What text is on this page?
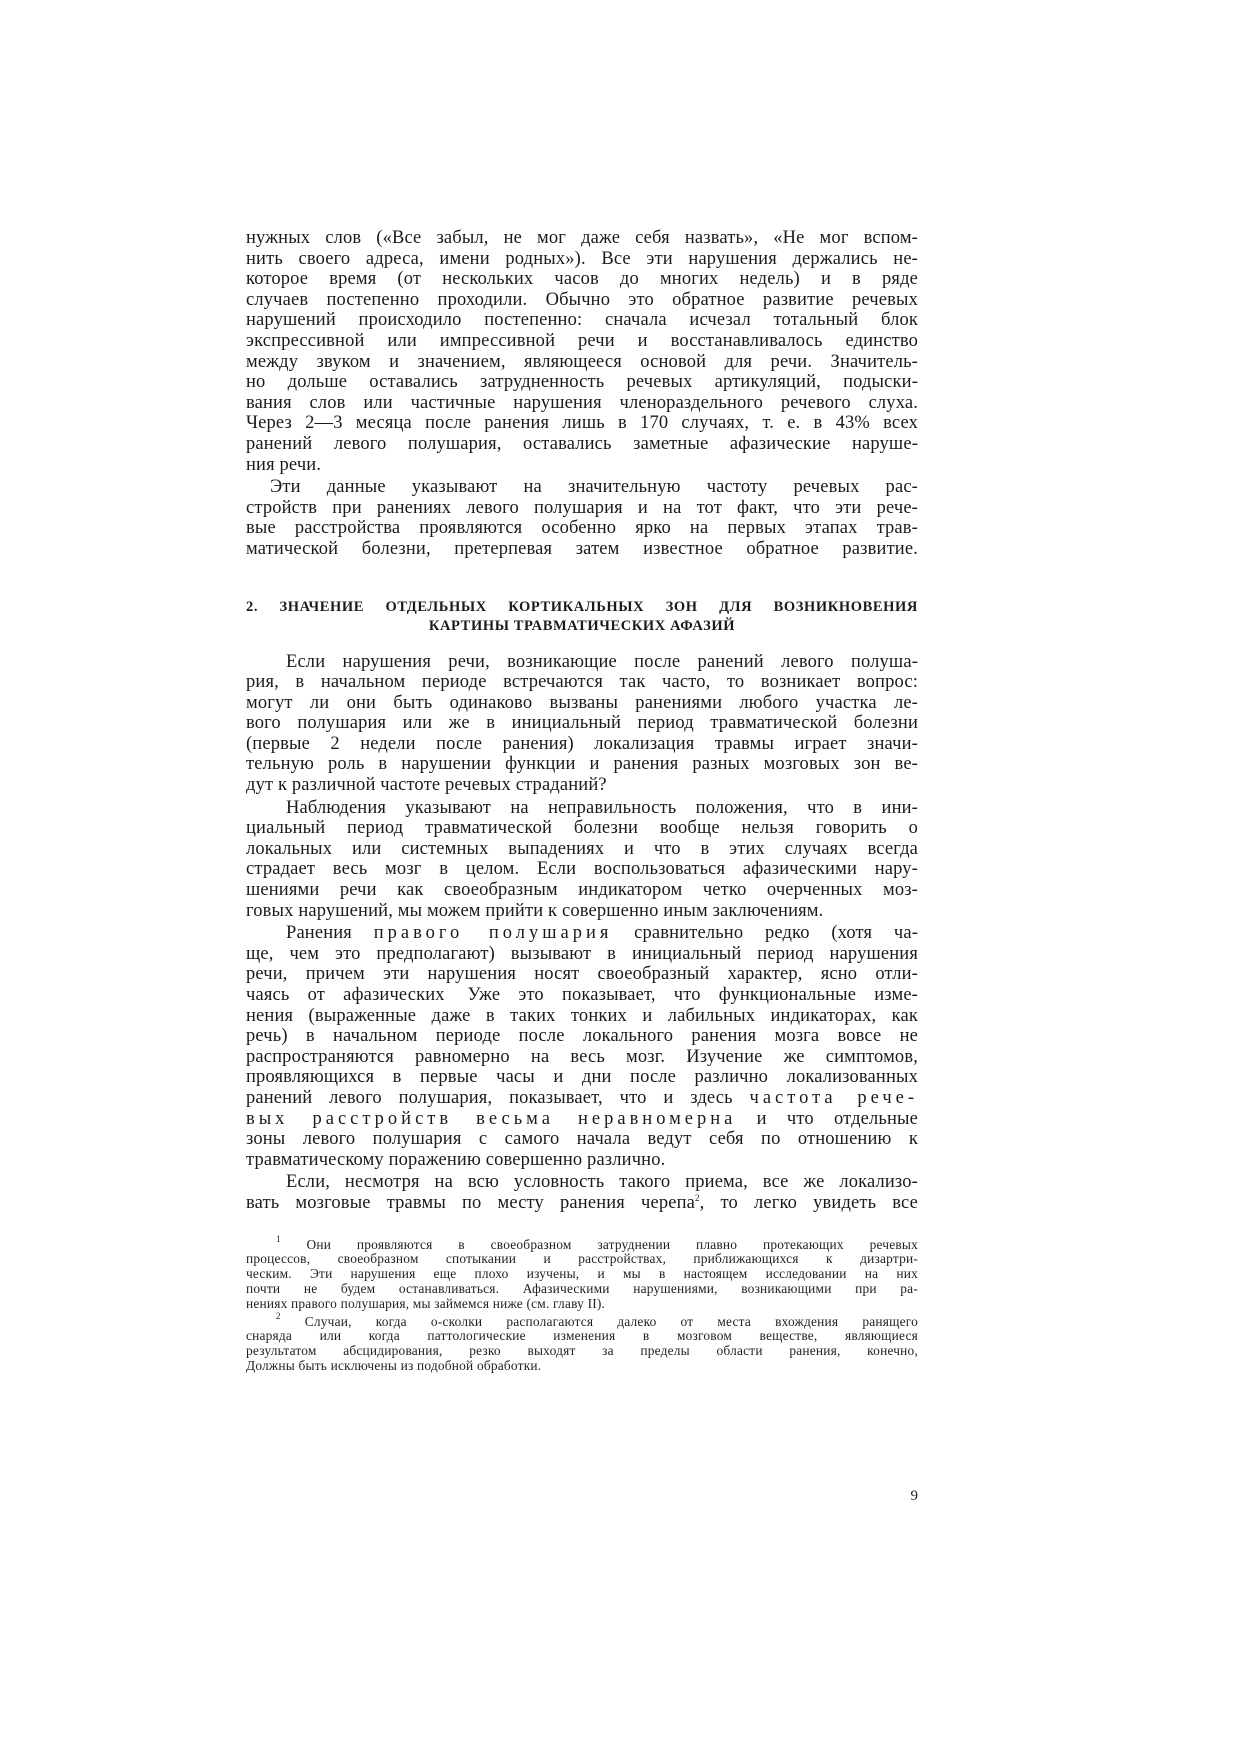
нужных слов («Все забыл, не мог даже себя назвать», «Не мог вспом-
нить своего адреса, имени родных»). Все эти нарушения держались не-
которое время (от нескольких часов до многих недель) и в ряде
случаев постепенно проходили. Обычно это обратное развитие речевых
нарушений происходило постепенно: сначала исчезал тотальный блок
экспрессивной или импрессивной речи и восстанавливалось единство
между звуком и значением, являющееся основой для речи. Значитель-
но дольше оставались затрудненность речевых артикуляций, подыски-
вания слов или частичные нарушения членораздельного речевого слуха.
Через 2—3 месяца после ранения лишь в 170 случаях, т. е. в 43% всех
ранений левого полушария, оставались заметные афазические наруше-
ния речи.
Эти данные указывают на значительную частоту речевых рас-
стройств при ранениях левого полушария и на тот факт, что эти рече-
вые расстройства проявляются особенно ярко на первых этапах трав-
матической болезни, претерпевая затем известное обратное развитие.
2. ЗНАЧЕНИЕ ОТДЕЛЬНЫХ КОРТИКАЛЬНЫХ ЗОН ДЛЯ ВОЗНИКНОВЕНИЯ
КАРТИНЫ ТРАВМАТИЧЕСКИХ АФАЗИЙ
Если нарушения речи, возникающие после ранений левого полуша-
рия, в начальном периоде встречаются так часто, то возникает вопрос:
могут ли они быть одинаково вызваны ранениями любого участка ле-
вого полушария или же в инициальный период травматической болезни
(первые 2 недели после ранения) локализация травмы играет значи-
тельную роль в нарушении функции и ранения разных мозговых зон ве-
дут к различной частоте речевых страданий?
Наблюдения указывают на неправильность положения, что в ини-
циальный период травматической болезни вообще нельзя говорить о
локальных или системных выпадениях и что в этих случаях всегда
страдает весь мозг в целом. Если воспользоваться афазическими нару-
шениями речи как своеобразным индикатором четко очерченных моз-
говых нарушений, мы можем прийти к совершенно иным заключениям.
Ранения правого полушария сравнительно редко (хотя ча-
ще, чем это предполагают) вызывают в инициальный период нарушения
речи, причем эти нарушения носят своеобразный характер, ясно отли-
чаясь от афазических$^1$ Уже это показывает, что функциональные изме-
нения (выраженные даже в таких тонких и лабильных индикаторах, как
речь) в начальном периоде после локального ранения мозга вовсе не
распространяются равномерно на весь мозг. Изучение же симптомов,
проявляющихся в первые часы и дни после различно локализованных
ранений левого полушария, показывает, что и здесь частота рече-
вых расстройств весьма неравномерна и что отдельные
зоны левого полушария с самого начала ведут себя по отношению к
травматическому поражению совершенно различно.
Если, несмотря на всю условность такого приема, все же локализо-
вать мозговые травмы по месту ранения черепа$^2$, то легко увидеть все
$^1$ Они проявляются в своеобразном затруднении плавно протекающих речевых
процессов, своеобразном спотыкании и расстройствах, приближающихся к дизартри-
ческим. Эти нарушения еще плохо изучены, и мы в настоящем исследовании на них
почти не будем останавливаться. Афазическими нарушениями, возникающими при ра-
нениях правого полушария, мы займемся ниже (см. главу II).
$^2$ Случаи, когда о-сколки располагаются далеко от места вхождения ранящего
снаряда или когда паттологические изменения в мозговом веществе, являющиеся
результатом абсцидирования, резко выходят за пределы области ранения, конечно,
Должны быть исключены из подобной обработки.
9
